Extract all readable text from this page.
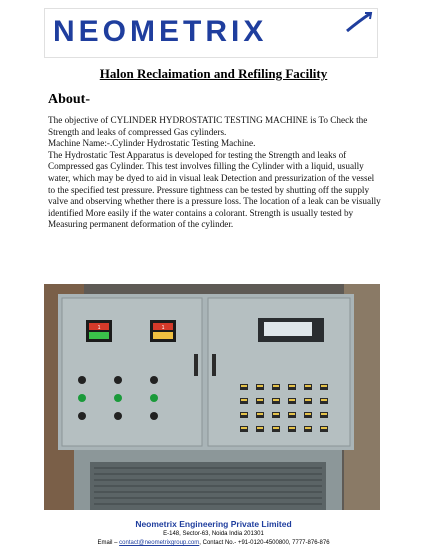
NEOMETRIX
Halon Reclaimation and Refiling Facility
About-

The objective of CYLINDER HYDROSTATIC TESTING MACHINE is To Check the Strength and leaks of compressed Gas cylinders.

Machine Name:-.Cylinder Hydrostatic Testing Machine.

The Hydrostatic Test Apparatus is developed for testing the Strength and leaks of Compressed gas Cylinder. This test involves filling the Cylinder with a liquid, usually water, which may be dyed to aid in visual leak Detection and pressurization of the vessel to the specified test pressure. Pressure tightness can be tested by shutting off the supply valve and observing whether there is a pressure loss. The location of a leak can be visually identified More easily if the water contains a colorant. Strength is usually tested by Measuring permanent deformation of the cylinder.

1	1
Neometrix Engineering Private Limited
E-148, Sector-63, Noida India 201301
Email – contact@neometrixgroup.com, Contact No.- +91-0120-4500800, 7777-876-876
